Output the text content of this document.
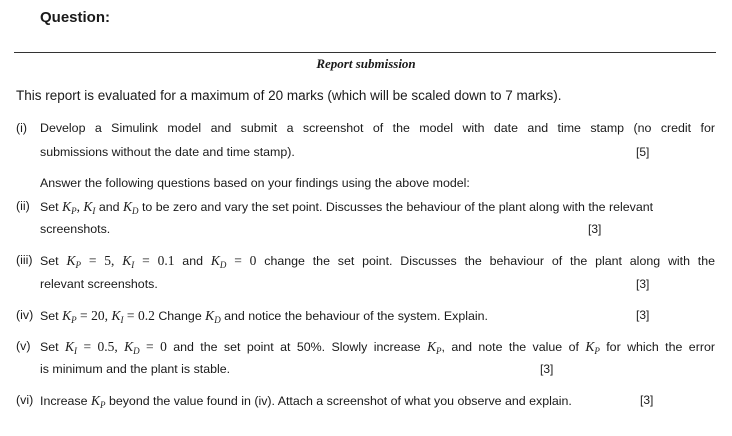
Question:
Report submission
This report is evaluated for a maximum of 20 marks (which will be scaled down to 7 marks).
(i) Develop a Simulink model and submit a screenshot of the model with date and time stamp (no credit for
submissions without the date and time stamp).	[5]
Answer the following questions based on your findings using the above model:
(ii) Set $K_P$, $K_I$ and $K_D$ to be zero and vary the set point. Discusses the behaviour of the plant along with the relevant
screenshots.	[3]
(iii) Set $K_P = 5$, $K_I = 0.1$ and $K_D = 0$ change the set point. Discusses the behaviour of the plant along with the
relevant screenshots.	[3]
(iv) Set $K_P = 20$, $K_I = 0.2$ Change $K_D$ and notice the behaviour of the system. Explain.	[3]
(v) Set $K_I = 0.5$, $K_D = 0$ and the set point at 50%. Slowly increase $K_P$, and note the value of $K_P$ for which the error
is minimum and the plant is stable.	[3]
(vi) Increase $K_P$ beyond the value found in (iv). Attach a screenshot of what you observe and explain.	[3]
